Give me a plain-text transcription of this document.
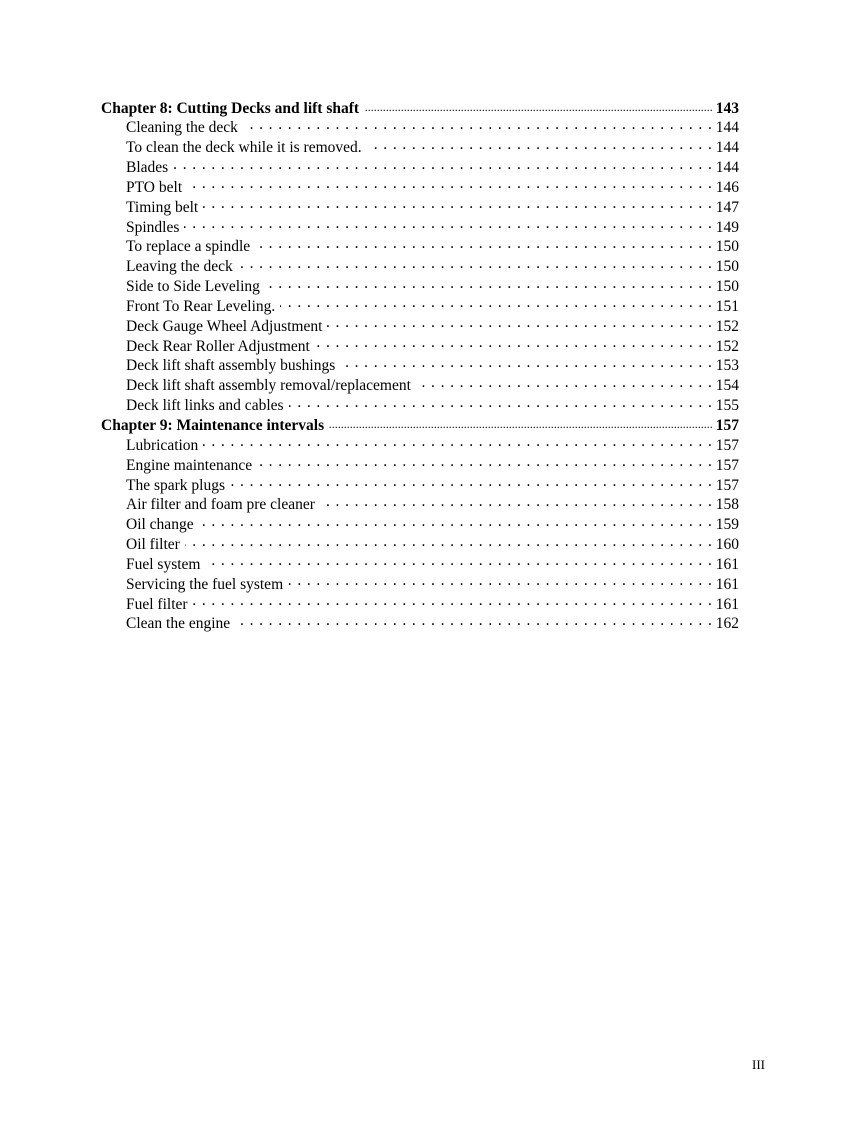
Chapter 8: Cutting Decks and lift shaft .....	143
Cleaning the deck . . .	144
To clean the deck while it is removed. . . .	144
Blades . . .	144
PTO belt . . .	146
Timing belt . . .	147
Spindles . . .	149
To replace a spindle . . .	150
Leaving the deck . . .	150
Side to Side Leveling . . .	150
Front To Rear Leveling. . . .	151
Deck Gauge Wheel Adjustment . . .	152
Deck Rear Roller Adjustment . . .	152
Deck lift shaft assembly bushings . . .	153
Deck lift shaft assembly removal/replacement . . .	154
Deck lift links and cables . . .	155
Chapter 9: Maintenance intervals .....	157
Lubrication . . .	157
Engine maintenance . . .	157
The spark plugs . . .	157
Air filter and foam pre cleaner . . .	158
Oil change . . .	159
Oil filter . . .	160
Fuel system . . .	161
Servicing the fuel system . . .	161
Fuel filter . . .	161
Clean the engine . . .	162
III
